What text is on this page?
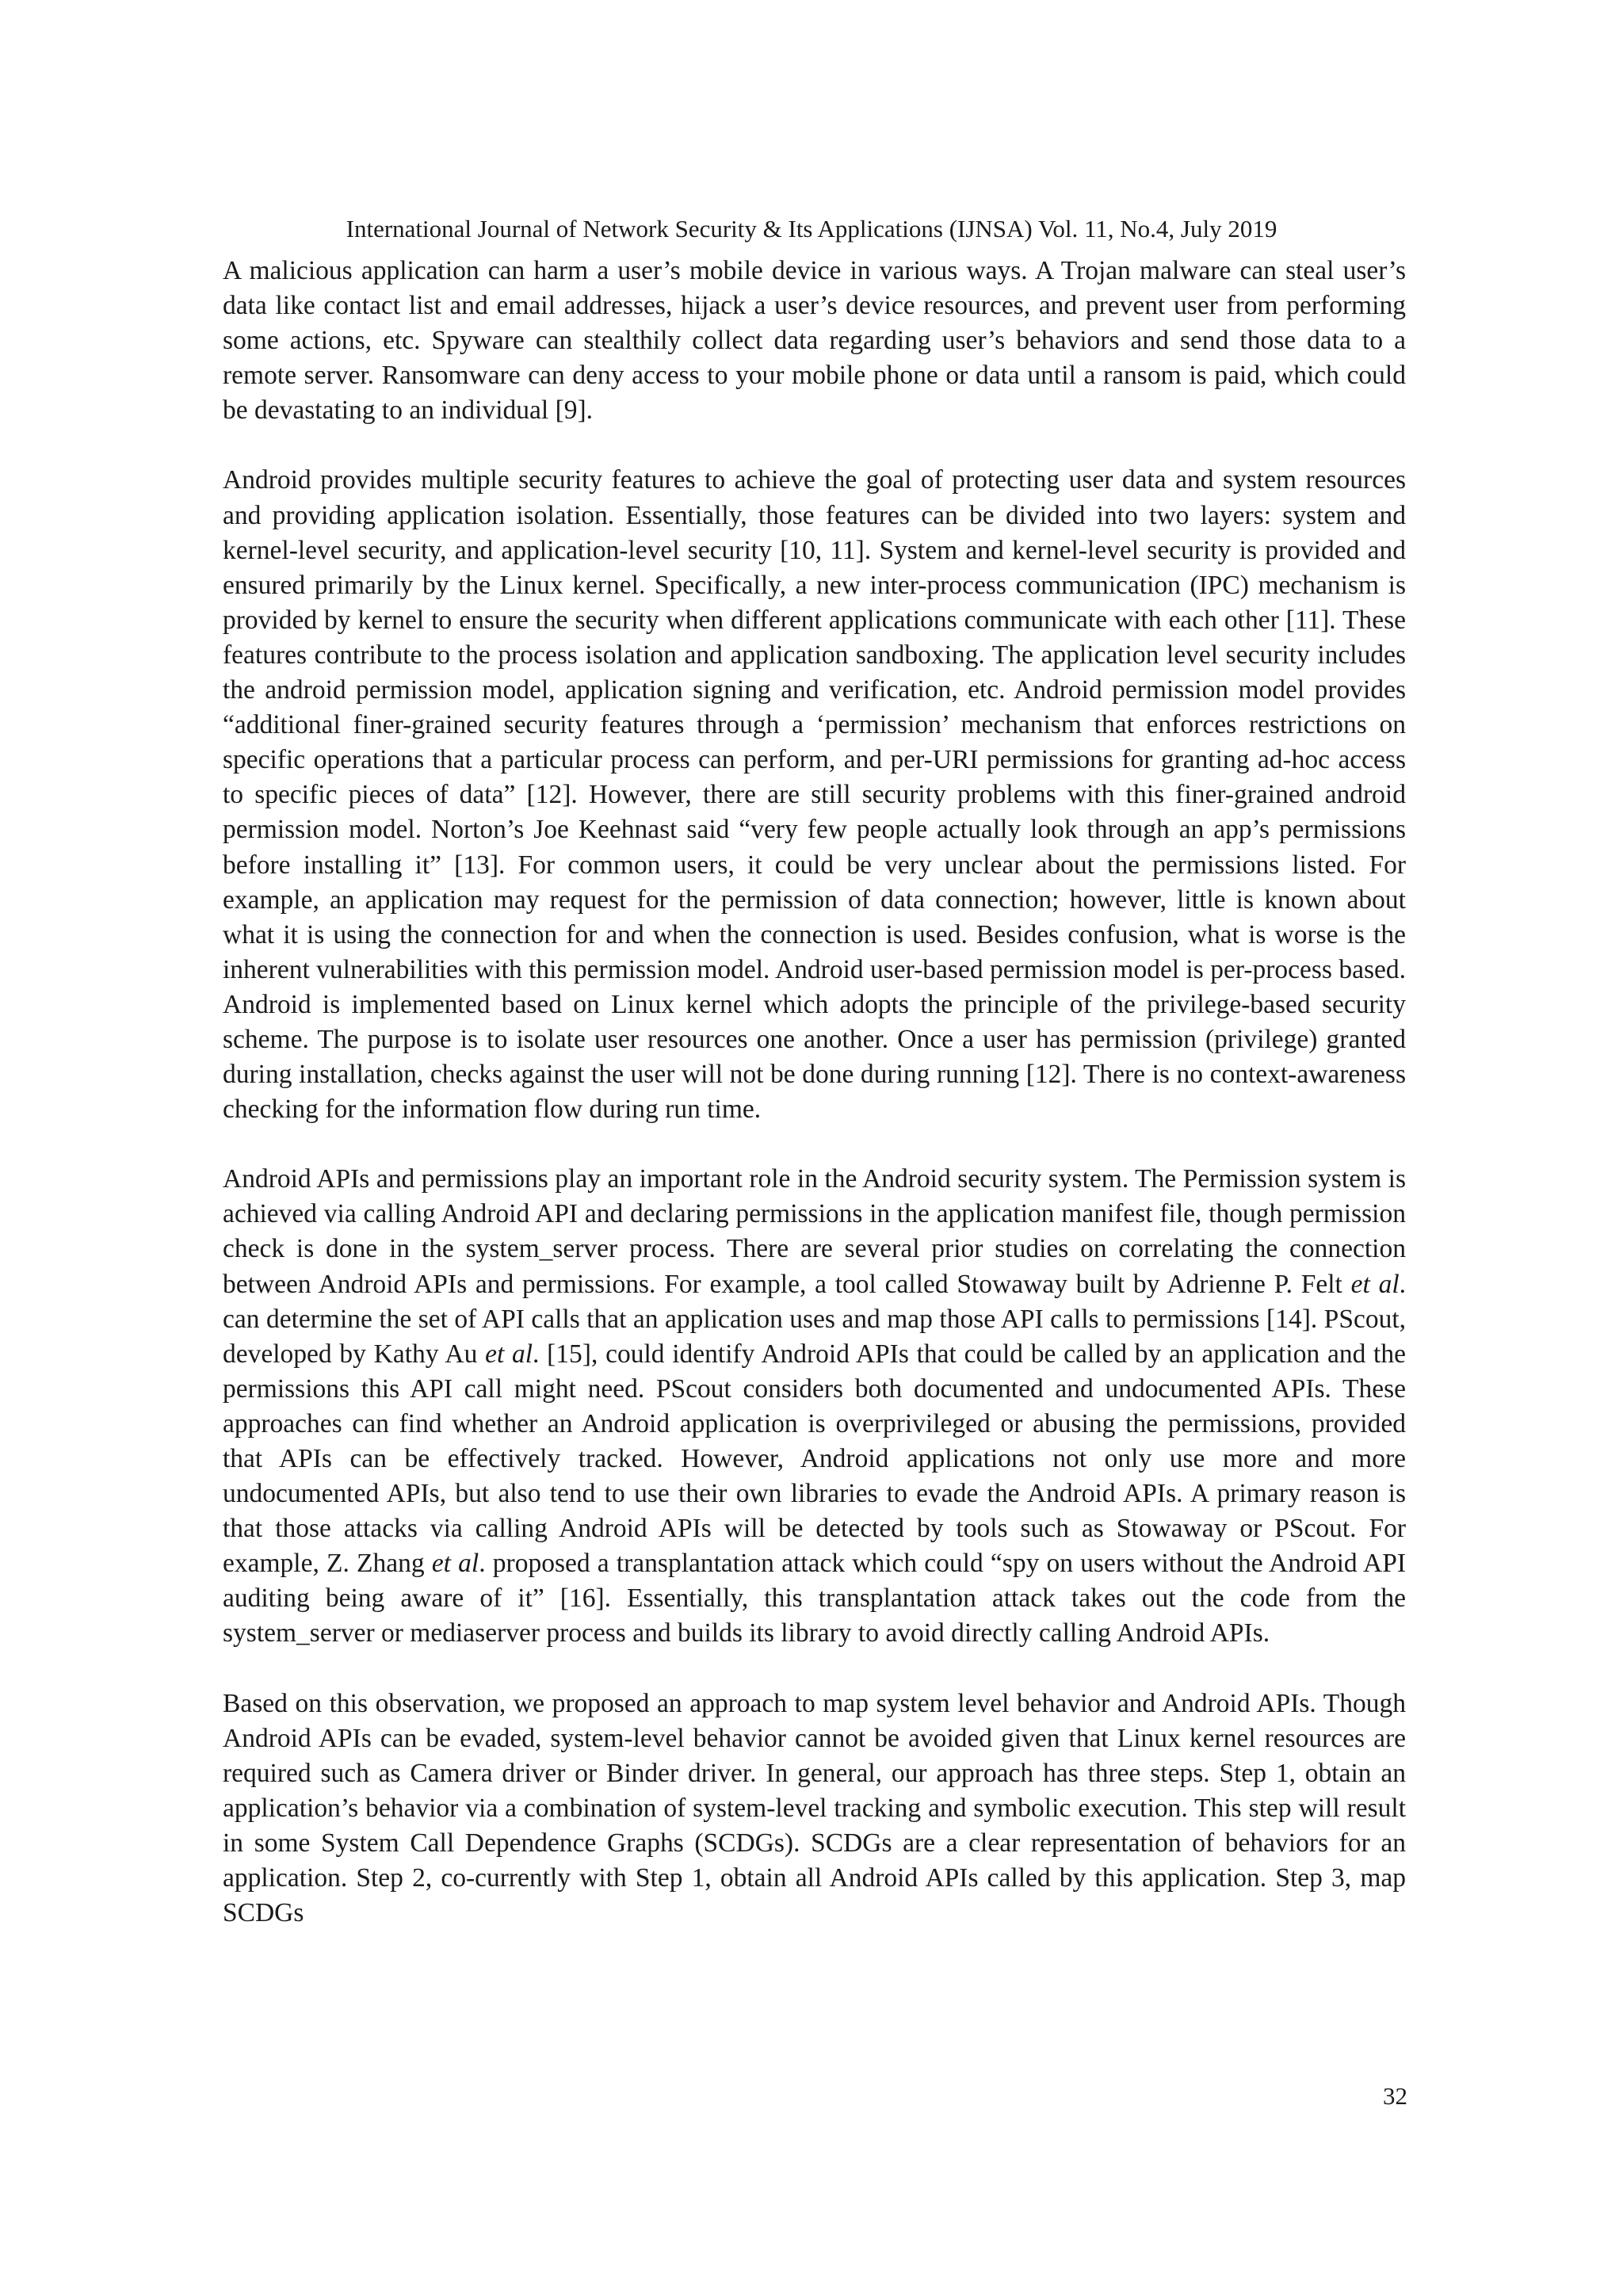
International Journal of Network Security & Its Applications (IJNSA) Vol. 11, No.4, July 2019

A malicious application can harm a user’s mobile device in various ways. A Trojan malware can steal user’s data like contact list and email addresses, hijack a user’s device resources, and prevent user from performing some actions, etc. Spyware can stealthily collect data regarding user’s behaviors and send those data to a remote server. Ransomware can deny access to your mobile phone or data until a ransom is paid, which could be devastating to an individual [9].

Android provides multiple security features to achieve the goal of protecting user data and system resources and providing application isolation. Essentially, those features can be divided into two layers: system and kernel-level security, and application-level security [10, 11]. System and kernel-level security is provided and ensured primarily by the Linux kernel. Specifically, a new inter-process communication (IPC) mechanism is provided by kernel to ensure the security when different applications communicate with each other [11]. These features contribute to the process isolation and application sandboxing. The application level security includes the android permission model, application signing and verification, etc. Android permission model provides “additional finer-grained security features through a ‘permission’ mechanism that enforces restrictions on specific operations that a particular process can perform, and per-URI permissions for granting ad-hoc access to specific pieces of data” [12]. However, there are still security problems with this finer-grained android permission model. Norton’s Joe Keehnast said “very few people actually look through an app’s permissions before installing it” [13]. For common users, it could be very unclear about the permissions listed. For example, an application may request for the permission of data connection; however, little is known about what it is using the connection for and when the connection is used. Besides confusion, what is worse is the inherent vulnerabilities with this permission model. Android user-based permission model is per-process based. Android is implemented based on Linux kernel which adopts the principle of the privilege-based security scheme. The purpose is to isolate user resources one another. Once a user has permission (privilege) granted during installation, checks against the user will not be done during running [12]. There is no context-awareness checking for the information flow during run time.

Android APIs and permissions play an important role in the Android security system. The Permission system is achieved via calling Android API and declaring permissions in the application manifest file, though permission check is done in the system_server process. There are several prior studies on correlating the connection between Android APIs and permissions. For example, a tool called Stowaway built by Adrienne P. Felt et al. can determine the set of API calls that an application uses and map those API calls to permissions [14]. PScout, developed by Kathy Au et al. [15], could identify Android APIs that could be called by an application and the permissions this API call might need. PScout considers both documented and undocumented APIs. These approaches can find whether an Android application is overprivileged or abusing the permissions, provided that APIs can be effectively tracked. However, Android applications not only use more and more undocumented APIs, but also tend to use their own libraries to evade the Android APIs. A primary reason is that those attacks via calling Android APIs will be detected by tools such as Stowaway or PScout. For example, Z. Zhang et al. proposed a transplantation attack which could “spy on users without the Android API auditing being aware of it” [16]. Essentially, this transplantation attack takes out the code from the system_server or mediaserver process and builds its library to avoid directly calling Android APIs.

Based on this observation, we proposed an approach to map system level behavior and Android APIs. Though Android APIs can be evaded, system-level behavior cannot be avoided given that Linux kernel resources are required such as Camera driver or Binder driver. In general, our approach has three steps. Step 1, obtain an application’s behavior via a combination of system-level tracking and symbolic execution. This step will result in some System Call Dependence Graphs (SCDGs). SCDGs are a clear representation of behaviors for an application. Step 2, co-currently with Step 1, obtain all Android APIs called by this application. Step 3, map SCDGs

32
